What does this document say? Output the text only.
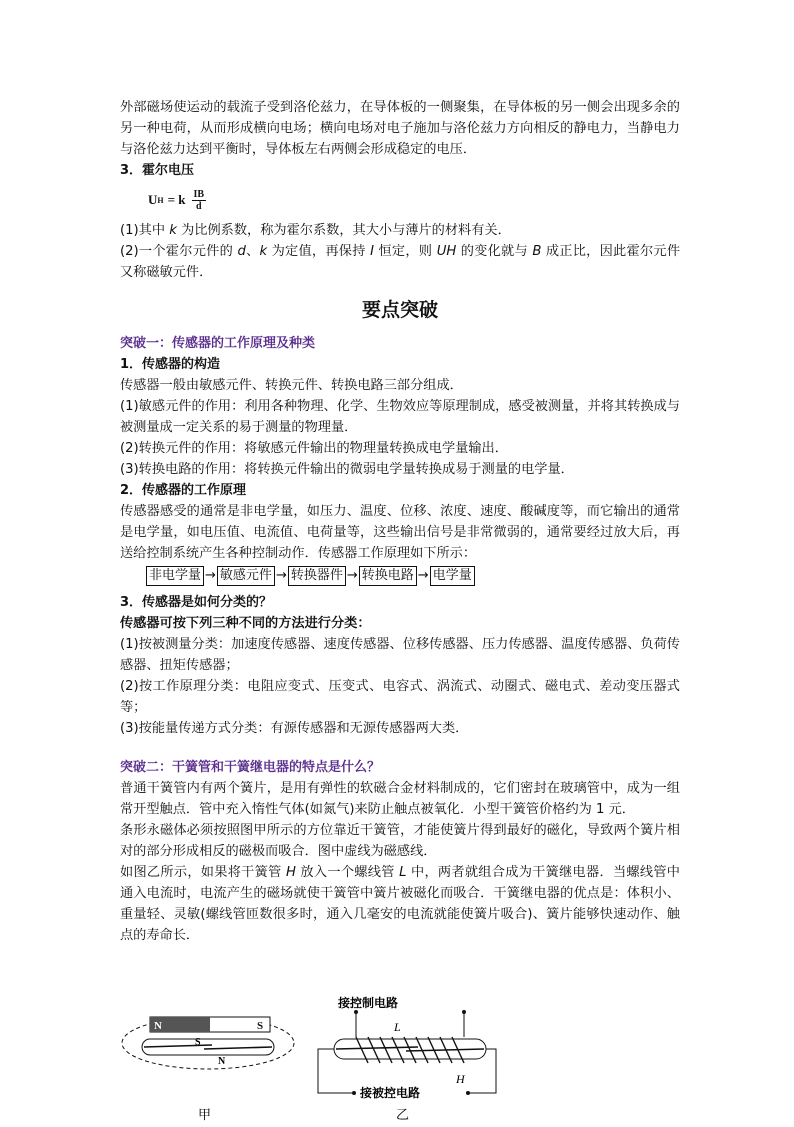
外部磁场使运动的载流子受到洛伦兹力，在导体板的一侧聚集，在导体板的另一侧会出现多余的另一种电荷，从而形成横向电场；横向电场对电子施加与洛伦兹力方向相反的静电力，当静电力与洛伦兹力达到平衡时，导体板左右两侧会形成稳定的电压．

3．霍尔电压

U H = k $\frac{IB}{d}$

(1)其中 k 为比例系数，称为霍尔系数，其大小与薄片的材料有关．

(2)一个霍尔元件的 d、k 为定值，再保持 I 恒定，则 UH 的变化就与 B 成正比，因此霍尔元件又称磁敏元件．

要点突破

突破一：传感器的工作原理及种类

1．传感器的构造

传感器一般由敏感元件、转换元件、转换电路三部分组成．

(1)敏感元件的作用：利用各种物理、化学、生物效应等原理制成，感受被测量，并将其转换成与被测量成一定关系的易于测量的物理量．

(2)转换元件的作用：将敏感元件输出的物理量转换成电学量输出．

(3)转换电路的作用：将转换元件输出的微弱电学量转换成易于测量的电学量．

2．传感器的工作原理

传感器感受的通常是非电学量，如压力、温度、位移、浓度、速度、酸碱度等，而它输出的通常是电学量，如电压值、电流值、电荷量等，这些输出信号是非常微弱的，通常要经过放大后，再送给控制系统产生各种控制动作．传感器工作原理如下所示：

非电学量 → 敏感元件 → 转换器件 → 转换电路 → 电学量

3．传感器是如何分类的？

传感器可按下列三种不同的方法进行分类：

(1)按被测量分类：加速度传感器、速度传感器、位移传感器、压力传感器、温度传感器、负荷传感器、扭矩传感器；

(2)按工作原理分类：电阻应变式、压变式、电容式、涡流式、动圈式、磁电式、差动变压器式等；

(3)按能量传递方式分类：有源传感器和无源传感器两大类．

突破二：干簧管和干簧继电器的特点是什么？

普通干簧管内有两个簧片，是用有弹性的软磁合金材料制成的，它们密封在玻璃管中，成为一组常开型触点．管中充入惰性气体(如氮气)来防止触点被氧化．小型干簧管价格约为 1 元．

条形永磁体必须按照图甲所示的方位靠近干簧管，才能使簧片得到最好的磁化，导致两个簧片相对的部分形成相反的磁极而吸合．图中虚线为磁感线．

如图乙所示，如果将干簧管 H 放入一个螺线管 L 中，两者就组合成为干簧继电器．当螺线管中通入电流时，电流产生的磁场就使干簧管中簧片被磁化而吸合．干簧继电器的优点是：体积小、重量轻、灵敏(螺线管匝数很多时，通入几毫安的电流就能使簧片吸合)、簧片能够快速动作、触点的寿命长．

N	S
S
N
甲
接控制电路
L
H
接被控电路
乙
